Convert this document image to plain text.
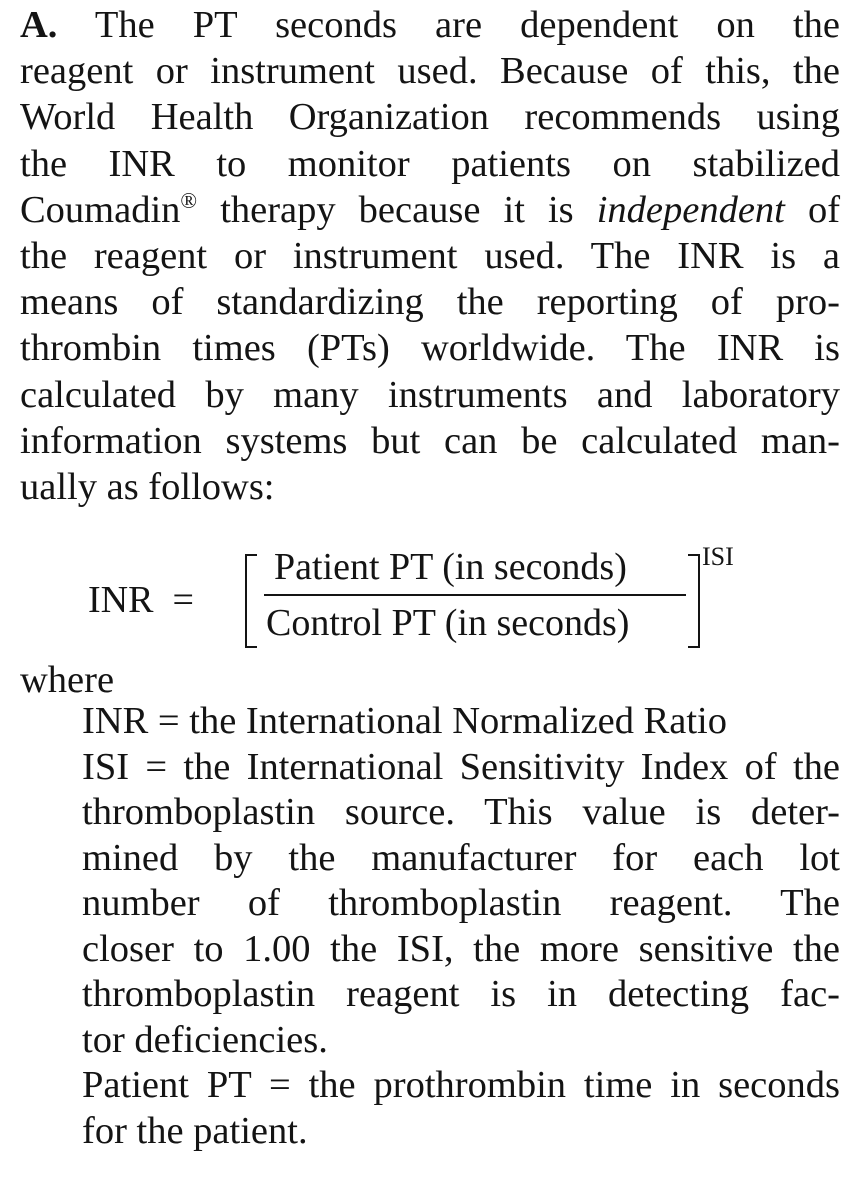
A. The PT seconds are dependent on the
reagent or instrument used. Because of this, the
World Health Organization recommends using
the INR to monitor patients on stabilized
Coumadin® therapy because it is independent of
the reagent or instrument used. The INR is a
means of standardizing the reporting of pro-
thrombin times (PTs) worldwide. The INR is
calculated by many instruments and laboratory
information systems but can be calculated man-
ually as follows:

INR =
Patient PT (in seconds)
Control PT (in seconds)
ISI
where
INR = the International Normalized Ratio
ISI = the International Sensitivity Index of the
thromboplastin source. This value is deter-
mined by the manufacturer for each lot
number of thromboplastin reagent. The
closer to 1.00 the ISI, the more sensitive the
thromboplastin reagent is in detecting fac-
tor deficiencies.
Patient PT = the prothrombin time in seconds
for the patient.
